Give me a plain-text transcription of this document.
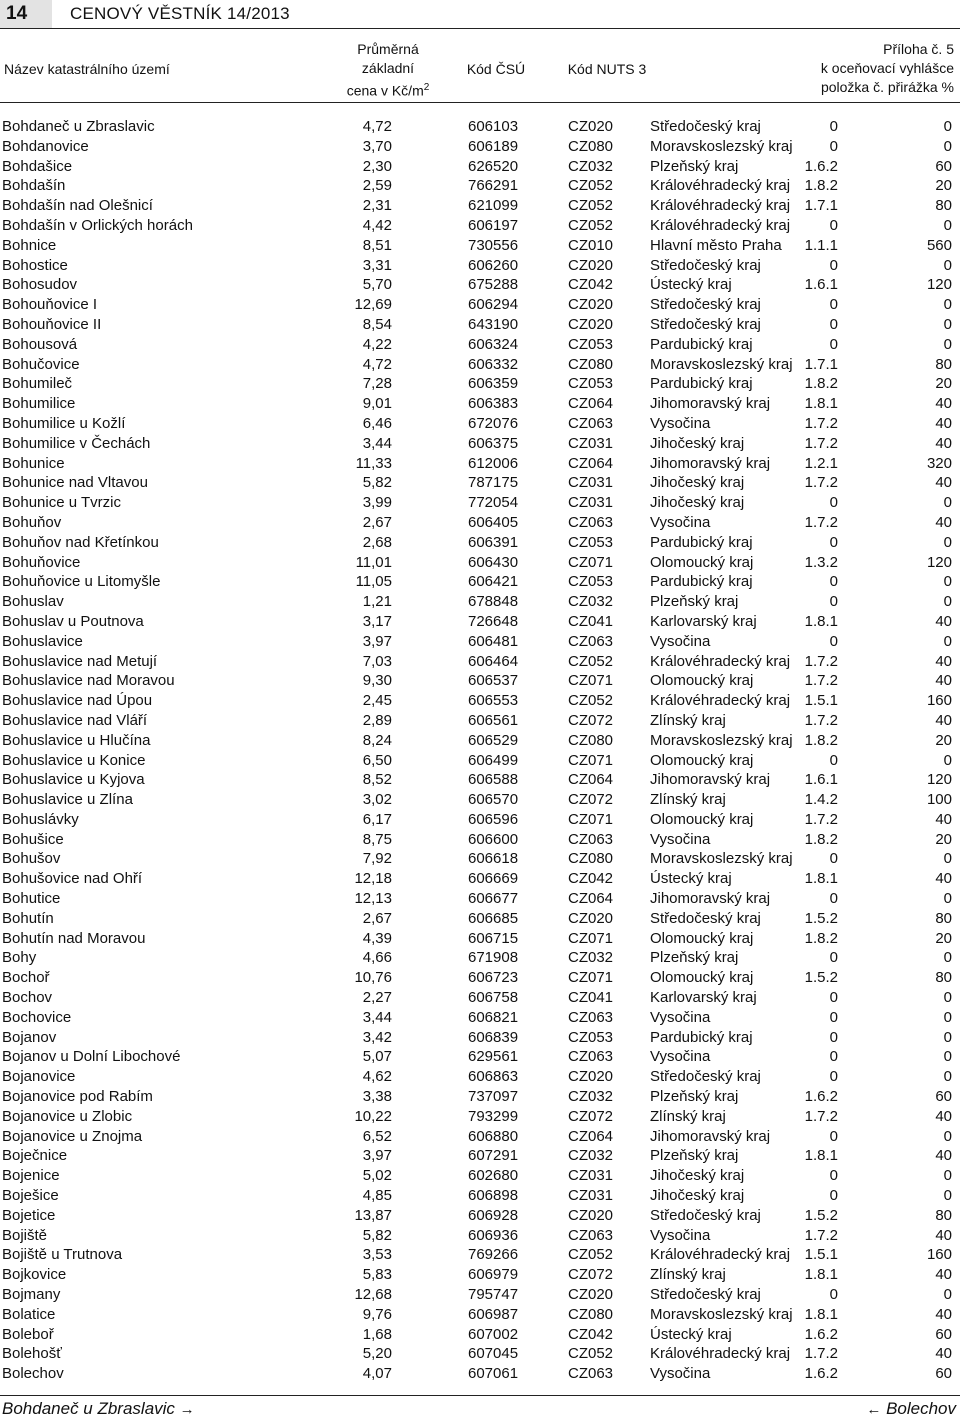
14	CENOVÝ VĚSTNÍK 14/2013
Název katastrálního území
Průměrná
základní
cena v $Kč/m^2$
Kód ČSÚ	Kód NUTS 3
Příloha č. 5
k oceňovací vyhlášce
položka č. přirážka %
Bohdaneč u Zbraslavic	4,72	606103	CZ020 Středočeský kraj	0	0
Bohdanovice	3,70	606189	CZ080 Moravskoslezský kraj 0	0
Bohdašice	2,30	626520	CZ032 Plzeňský kraj	1.6.2	60
Bohdašín	2,59	766291	CZ052 Královéhradecký kraj 1.8.2	20
Bohdašín nad Olešnicí	2,31	621099	CZ052 Královéhradecký kraj 1.7.1	80
Bohdašín v Orlických horách	4,42	606197	CZ052 Královéhradecký kraj	0	0
Bohnice	8,51	730556	CZ010 Hlavní město Praha 1.1.1	560
Bohostice	3,31	606260	CZ020 Středočeský kraj	0	0
Bohosudov	5,70	675288	CZ042 Ústecký kraj	1.6.1	120
Bohouňovice I	12,69	606294	CZ020 Středočeský kraj	0	0
Bohouňovice II	8,54	643190	CZ020 Středočeský kraj	0	0
Bohousová	4,22	606324	CZ053 Pardubický kraj	0	0
Bohučovice	4,72	606332	CZ080 Moravskoslezský kraj 1.7.1	80
Bohumileč	7,28	606359	CZ053 Pardubický kraj	1.8.2	20
Bohumilice	9,01	606383	CZ064 Jihomoravský kraj 1.8.1	40
Bohumilice u Kožlí	6,46	672076	CZ063 Vysočina	1.7.2	40
Bohumilice v Čechách	3,44	606375	CZ031 Jihočeský kraj	1.7.2	40
Bohunice	11,33	612006	CZ064 Jihomoravský kraj 1.2.1	320
Bohunice nad Vltavou	5,82	787175	CZ031 Jihočeský kraj	1.7.2	40
Bohunice u Tvrzic	3,99	772054	CZ031 Jihočeský kraj	0	0
Bohuňov	2,67	606405	CZ063 Vysočina	1.7.2	40
Bohuňov nad Křetínkou	2,68	606391	CZ053 Pardubický kraj	0	0
Bohuňovice	11,01	606430	CZ071 Olomoucký kraj	1.3.2	120
Bohuňovice u Litomyšle	11,05	606421	CZ053 Pardubický kraj	0	0
Bohuslav	1,21	678848	CZ032 Plzeňský kraj	0	0
Bohuslav u Poutnova	3,17	726648	CZ041 Karlovarský kraj	1.8.1	40
Bohuslavice	3,97	606481	CZ063 Vysočina	0	0
Bohuslavice nad Metují	7,03	606464	CZ052 Královéhradecký kraj 1.7.2	40
Bohuslavice nad Moravou	9,30	606537	CZ071 Olomoucký kraj	1.7.2	40
Bohuslavice nad Úpou	2,45	606553	CZ052 Královéhradecký kraj 1.5.1	160
Bohuslavice nad Vláří	2,89	606561	CZ072 Zlínský kraj	1.7.2	40
Bohuslavice u Hlučína	8,24	606529	CZ080 Moravskoslezský kraj 1.8.2	20
Bohuslavice u Konice	6,50	606499	CZ071 Olomoucký kraj	0	0
Bohuslavice u Kyjova	8,52	606588	CZ064 Jihomoravský kraj 1.6.1	120
Bohuslavice u Zlína	3,02	606570	CZ072 Zlínský kraj	1.4.2	100
Bohuslávky	6,17	606596	CZ071 Olomoucký kraj	1.7.2	40
Bohušice	8,75	606600	CZ063 Vysočina	1.8.2	20
Bohušov	7,92	606618	CZ080 Moravskoslezský kraj 0	0
Bohušovice nad Ohří	12,18	606669	CZ042 Ústecký kraj	1.8.1	40
Bohutice	12,13	606677	CZ064 Jihomoravský kraj	0	0
Bohutín	2,67	606685	CZ020 Středočeský kraj	1.5.2	80
Bohutín nad Moravou	4,39	606715	CZ071 Olomoucký kraj	1.8.2	20
Bohy	4,66	671908	CZ032 Plzeňský kraj	0	0
Bochoř	10,76	606723	CZ071 Olomoucký kraj	1.5.2	80
Bochov	2,27	606758	CZ041 Karlovarský kraj	0	0
Bochovice	3,44	606821	CZ063 Vysočina	0	0
Bojanov	3,42	606839	CZ053 Pardubický kraj	0	0
Bojanov u Dolní Libochové	5,07	629561	CZ063 Vysočina	0	0
Bojanovice	4,62	606863	CZ020 Středočeský kraj	0	0
Bojanovice pod Rabím	3,38	737097	CZ032 Plzeňský kraj	1.6.2	60
Bojanovice u Zlobic	10,22	793299	CZ072 Zlínský kraj	1.7.2	40
Bojanovice u Znojma	6,52	606880	CZ064 Jihomoravský kraj	0	0
Boječnice	3,97	607291	CZ032 Plzeňský kraj	1.8.1	40
Bojenice	5,02	602680	CZ031 Jihočeský kraj	0	0
Boješice	4,85	606898	CZ031 Jihočeský kraj	0	0
Bojetice	13,87	606928	CZ020 Středočeský kraj	1.5.2	80
Bojiště	5,82	606936	CZ063 Vysočina	1.7.2	40
Bojiště u Trutnova	3,53	769266	CZ052 Královéhradecký kraj 1.5.1	160
Bojkovice	5,83	606979	CZ072 Zlínský kraj	1.8.1	40
Bojmany	12,68	795747	CZ020 Středočeský kraj	0	0
Bolatice	9,76	606987	CZ080 Moravskoslezský kraj 1.8.1	40
Boleboř	1,68	607002	CZ042 Ústecký kraj	1.6.2	60
Bolehošť	5,20	607045	CZ052 Královéhradecký kraj 1.7.2	40
Bolechov	4,07	607061	CZ063 Vysočina	1.6.2	60
Bohdaneč u Zbraslavic →	← Bolechov
